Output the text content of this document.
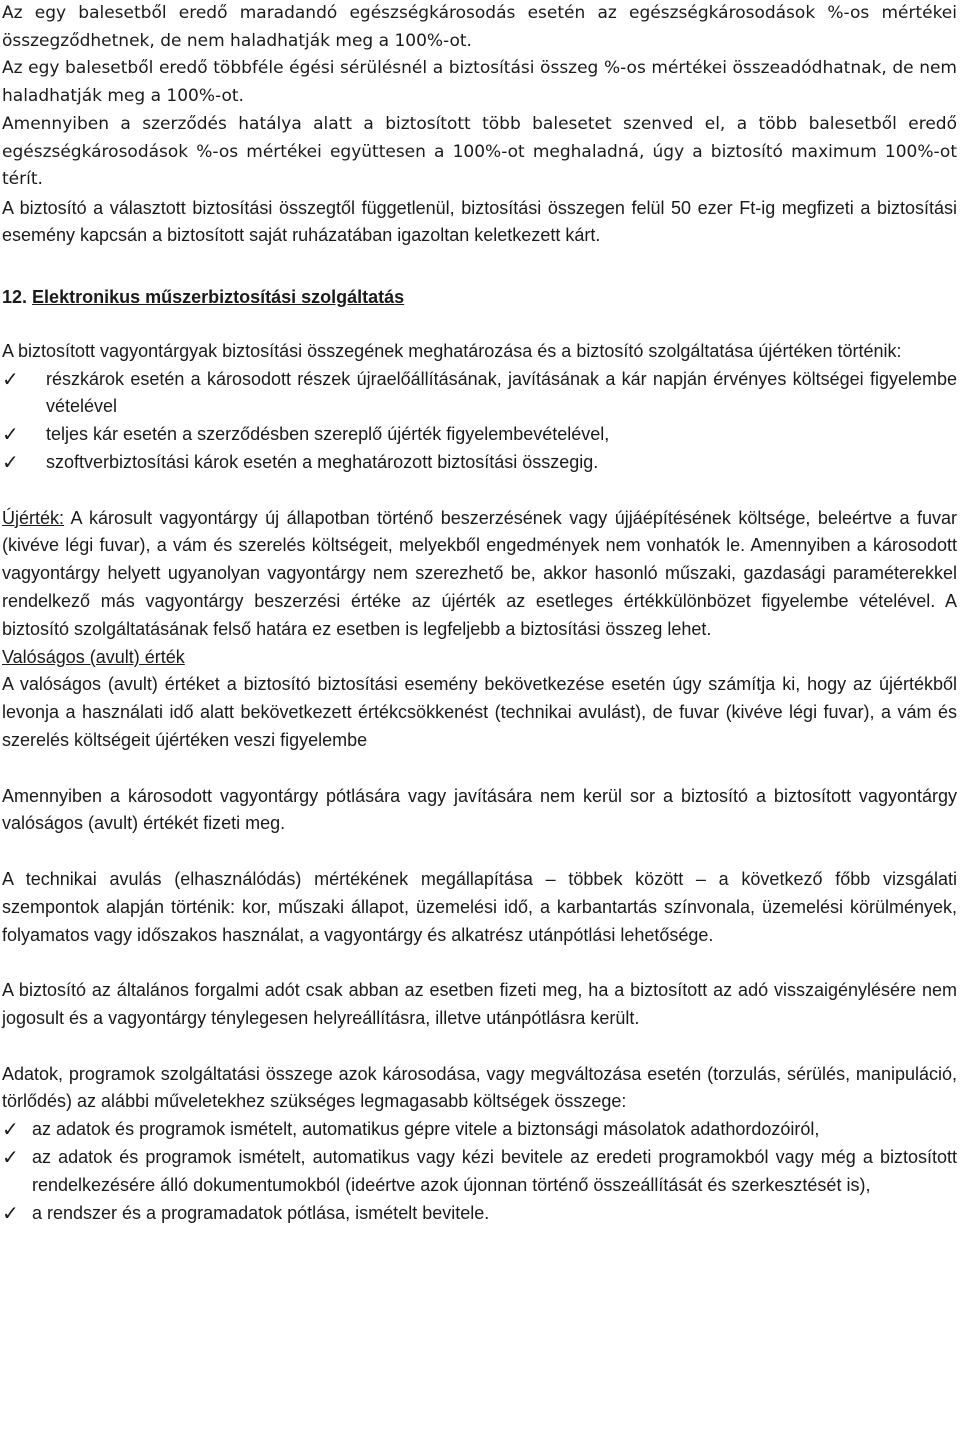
Az egy balesetből eredő maradandó egészségkárosodás esetén az egészségkárosodások %-os mértékei összegződhetnek, de nem haladhatják meg a 100%-ot.

Az egy balesetből eredő többféle égési sérülésnél a biztosítási összeg %-os mértékei összeadódhatnak, de nem haladhatják meg a 100%-ot.

Amennyiben a szerződés hatálya alatt a biztosított több balesetet szenved el, a több balesetből eredő egészségkárosodások %-os mértékei együttesen a 100%-ot meghaladná, úgy a biztosító maximum 100%-ot térít.

A biztosító a választott biztosítási összegtől függetlenül, biztosítási összegen felül 50 ezer Ft-ig megfizeti a biztosítási esemény kapcsán a biztosított saját ruházatában igazoltan keletkezett kárt.

12. Elektronikus műszerbiztosítási szolgáltatás

A biztosított vagyontárgyak biztosítási összegének meghatározása és a biztosító szolgáltatása újértéken történik:

✓ részkárok esetén a károsodott részek újraelőállításának, javításának a kár napján érvényes költségei figyelembe vételével
✓ teljes kár esetén a szerződésben szereplő újérték figyelembevételével,
✓ szoftverbiztosítási károk esetén a meghatározott biztosítási összegig.

Újérték: A károsult vagyontárgy új állapotban történő beszerzésének vagy újjáépítésének költsége, beleértve a fuvar (kivéve légi fuvar), a vám és szerelés költségeit, melyekből engedmények nem vonhatók le. Amennyiben a károsodott vagyontárgy helyett ugyanolyan vagyontárgy nem szerezhető be, akkor hasonló műszaki, gazdasági paraméterekkel rendelkező más vagyontárgy beszerzési értéke az újérték az esetleges értékkülönbözet figyelembe vételével. A biztosító szolgáltatásának felső határa ez esetben is legfeljebb a biztosítási összeg lehet.

Valóságos (avult) érték

A valóságos (avult) értéket a biztosító biztosítási esemény bekövetkezése esetén úgy számítja ki, hogy az újértékből levonja a használati idő alatt bekövetkezett értékcsökkenést (technikai avulást), de fuvar (kivéve légi fuvar), a vám és szerelés költségeit újértéken veszi figyelembe

Amennyiben a károsodott vagyontárgy pótlására vagy javítására nem kerül sor a biztosító a biztosított vagyontárgy valóságos (avult) értékét fizeti meg.

A technikai avulás (elhasználódás) mértékének megállapítása – többek között – a következő főbb vizsgálati szempontok alapján történik: kor, műszaki állapot, üzemelési idő, a karbantartás színvonala, üzemelési körülmények, folyamatos vagy időszakos használat, a vagyontárgy és alkatrész utánpótlási lehetősége.

A biztosító az általános forgalmi adót csak abban az esetben fizeti meg, ha a biztosított az adó visszaigénylésére nem jogosult és a vagyontárgy ténylegesen helyreállításra, illetve utánpótlásra került.

Adatok, programok szolgáltatási összege azok károsodása, vagy megváltozása esetén (torzulás, sérülés, manipuláció, törlődés) az alábbi műveletekhez szükséges legmagasabb költségek összege:

✓ az adatok és programok ismételt, automatikus gépre vitele a biztonsági másolatok adathordozóiról,
✓ az adatok és programok ismételt, automatikus vagy kézi bevitele az eredeti programokból vagy még a biztosított rendelkezésére álló dokumentumokból (ideértve azok újonnan történő összeállítását és szerkesztését is),
✓ a rendszer és a programadatok pótlása, ismételt bevitele.
